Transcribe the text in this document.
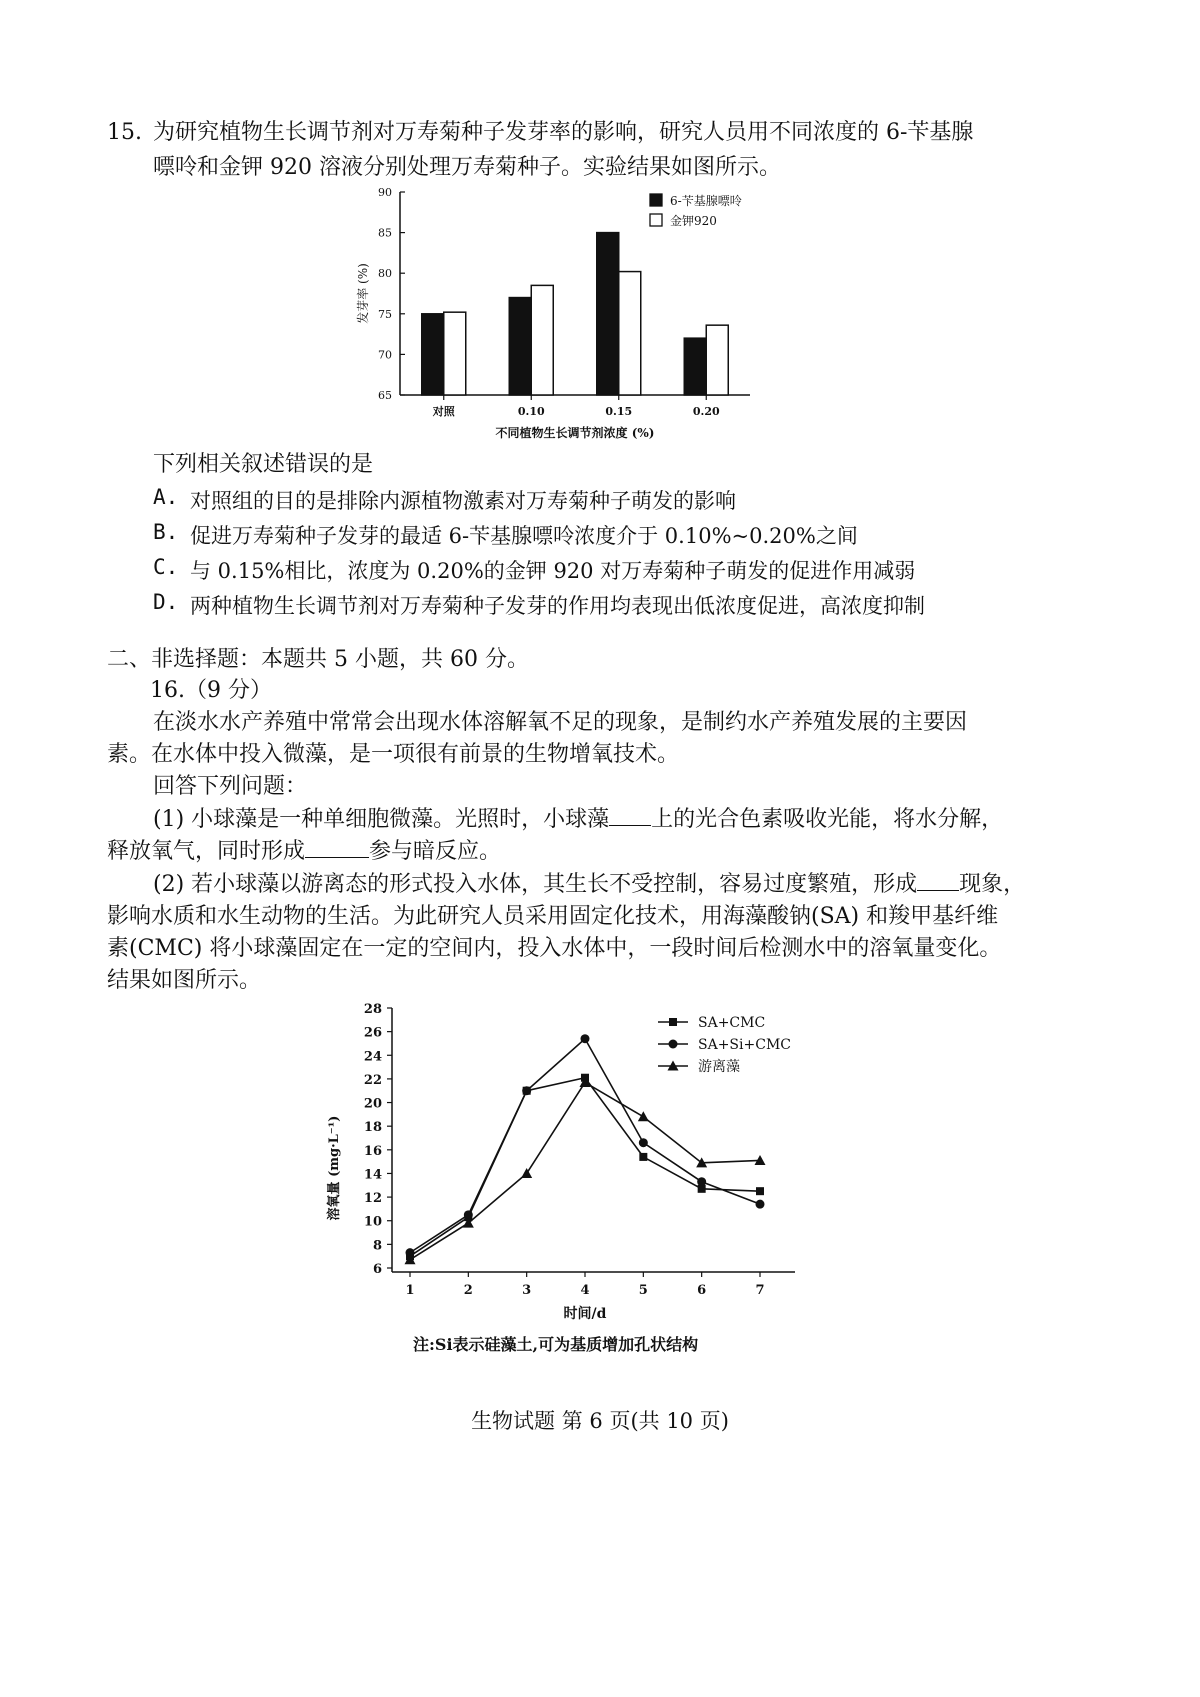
15. 为研究植物生长调节剂对万寿菊种子发芽率的影响，研究人员用不同浓度的 6-苄基腺
嘌呤和金钾 920 溶液分别处理万寿菊种子。实验结果如图所示。
65
70
75
80
85
90
发芽率 (%)
对照	0.10	0.15	0.20
不同植物生长调节剂浓度 (%)
6-苄基腺嘌呤
金钾920
下列相关叙述错误的是
A. 对照组的目的是排除内源植物激素对万寿菊种子萌发的影响
B. 促进万寿菊种子发芽的最适 6-苄基腺嘌呤浓度介于 0.10%~0.20%之间
C. 与 0.15%相比，浓度为 0.20%的金钾 920 对万寿菊种子萌发的促进作用减弱
D. 两种植物生长调节剂对万寿菊种子发芽的作用均表现出低浓度促进，高浓度抑制
二、非选择题：本题共 5 小题，共 60 分。
16.（9 分）
在淡水水产养殖中常常会出现水体溶解氧不足的现象，是制约水产养殖发展的主要因
素。在水体中投入微藻，是一项很有前景的生物增氧技术。
回答下列问题：
(1) 小球藻是一种单细胞微藻。光照时，小球藻 上的光合色素吸收光能，将水分解，
释放氧气，同时形成	参与暗反应。
(2) 若小球藻以游离态的形式投入水体，其生长不受控制，容易过度繁殖，形成 现象，
影响水质和水生动物的生活。为此研究人员采用固定化技术，用海藻酸钠(SA) 和羧甲基纤维
素(CMC) 将小球藻固定在一定的空间内，投入水体中，一段时间后检测水中的溶氧量变化。
结果如图所示。
6
8
10
12
14
16
18
20
22
24
26
28
溶氧量 (mg·L⁻¹)
1	2	3	4	5	6	7
时间/d
SA+CMC
SA+Si+CMC
游离藻
注:Si表示硅藻土,可为基质增加孔状结构
生物试题 第 6 页(共 10 页)
